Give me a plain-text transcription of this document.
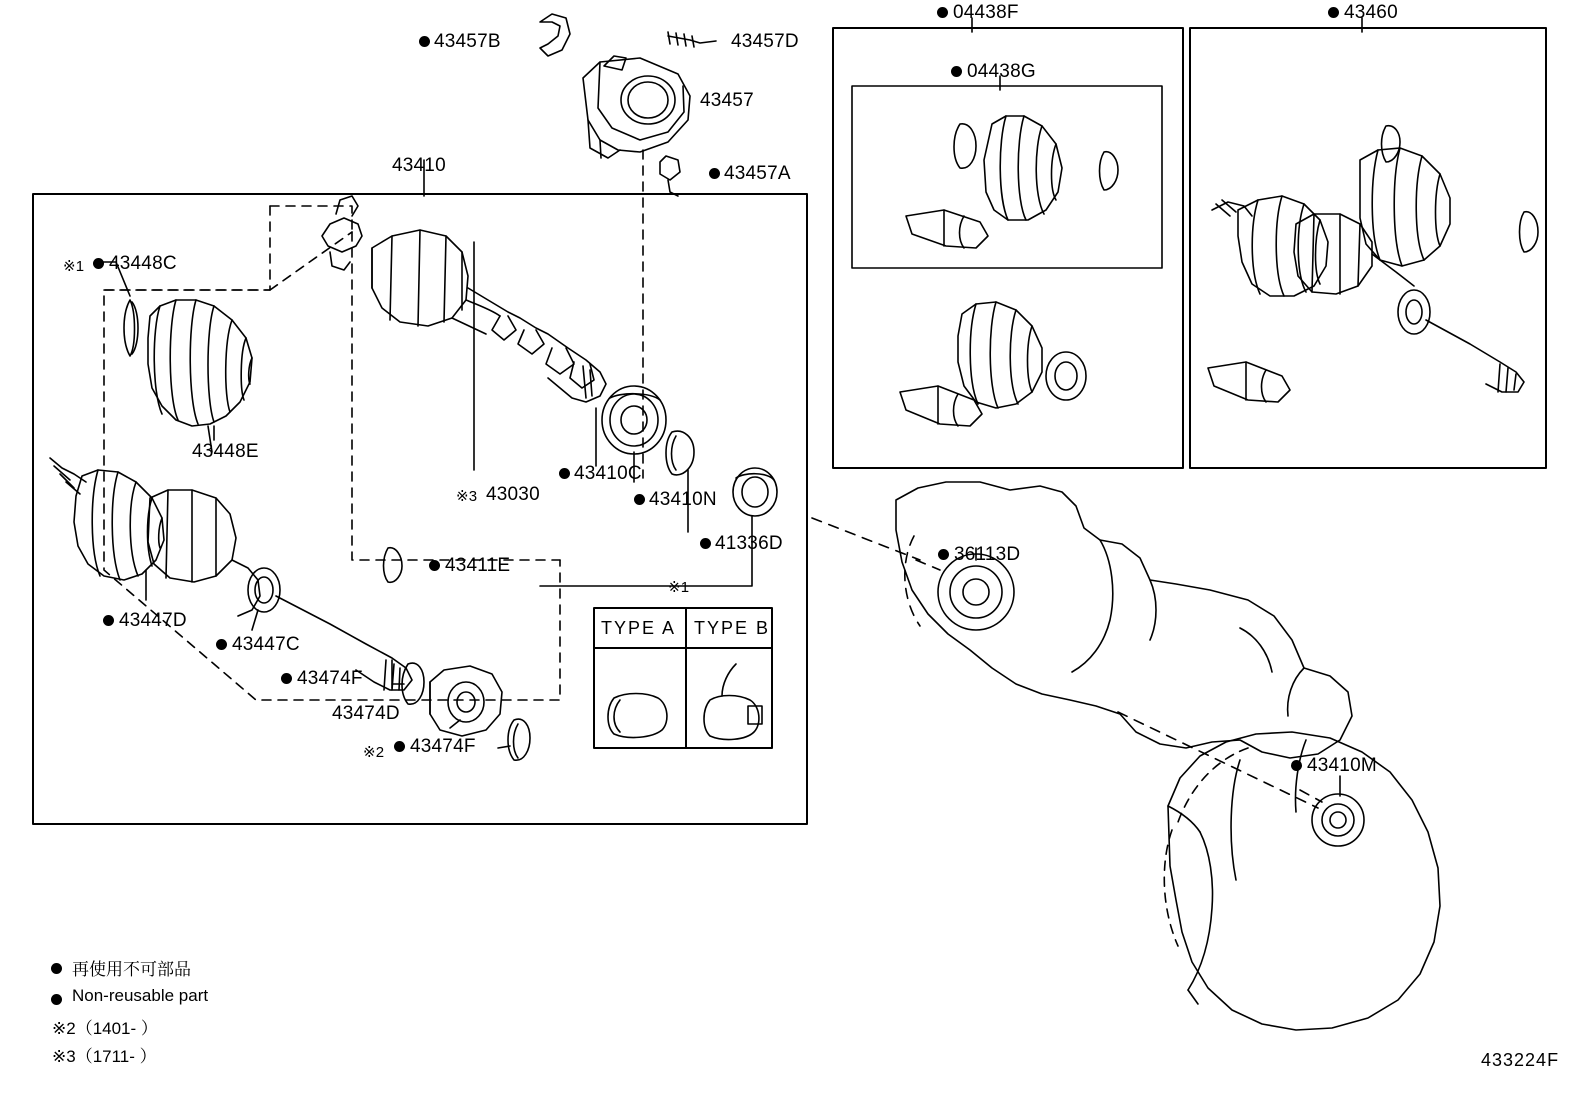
43457B	43457D
43457
43457A
43410
※1 43448C
43448E
43410C
※3 43030	43410N
41336D
43411E
43447D
43447C
43474F
43474D
※2 43474F
※1
TYPE A TYPE B
04438F
04438G
43460
36113D
43410M
再使用不可部品
Non-reusable part
※2（1401- ）
※3（1711- ）	433224F
